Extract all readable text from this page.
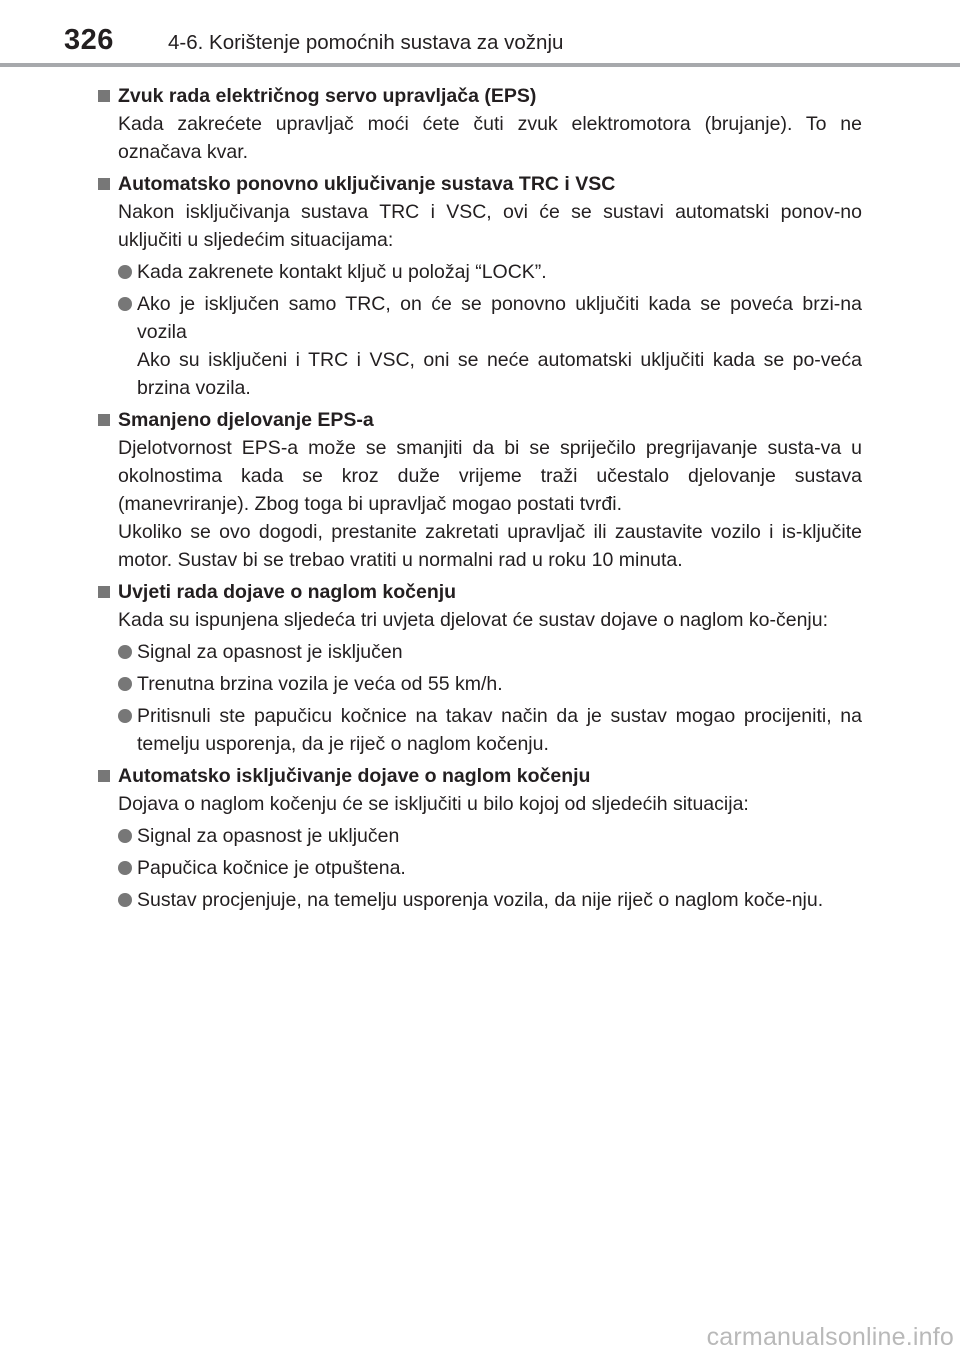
326	4-6. Korištenje pomoćnih sustava za vožnju
Zvuk rada električnog servo upravljača (EPS)
Kada zakrećete upravljač moći ćete čuti zvuk elektromotora (brujanje). To ne označava kvar.
Automatsko ponovno uključivanje sustava TRC i VSC
Nakon isključivanja sustava TRC i VSC, ovi će se sustavi automatski ponov-no uključiti u sljedećim situacijama:
Kada zakrenete kontakt ključ u položaj “LOCK”.
Ako je isključen samo TRC, on će se ponovno uključiti kada se poveća brzi-na vozila
Ako su isključeni i TRC i VSC, oni se neće automatski uključiti kada se po-veća brzina vozila.
Smanjeno djelovanje EPS-a
Djelotvornost EPS-a može se smanjiti da bi se spriječilo pregrijavanje susta-va u okolnostima kada se kroz duže vrijeme traži učestalo djelovanje sustava (manevriranje). Zbog toga bi upravljač mogao postati tvrđi.
Ukoliko se ovo dogodi, prestanite zakretati upravljač ili zaustavite vozilo i is-ključite motor. Sustav bi se trebao vratiti u normalni rad u roku 10 minuta.
Uvjeti rada dojave o naglom kočenju
Kada su ispunjena sljedeća tri uvjeta djelovat će sustav dojave o naglom ko-čenju:
Signal za opasnost je isključen
Trenutna brzina vozila je veća od 55 km/h.
Pritisnuli ste papučicu kočnice na takav način da je sustav mogao procijeniti, na temelju usporenja, da je riječ o naglom kočenju.
Automatsko isključivanje dojave o naglom kočenju
Dojava o naglom kočenju će se isključiti u bilo kojoj od sljedećih situacija:
Signal za opasnost je uključen
Papučica kočnice je otpuštena.
Sustav procjenjuje, na temelju usporenja vozila, da nije riječ o naglom koče-nju.
carmanualsonline.info
